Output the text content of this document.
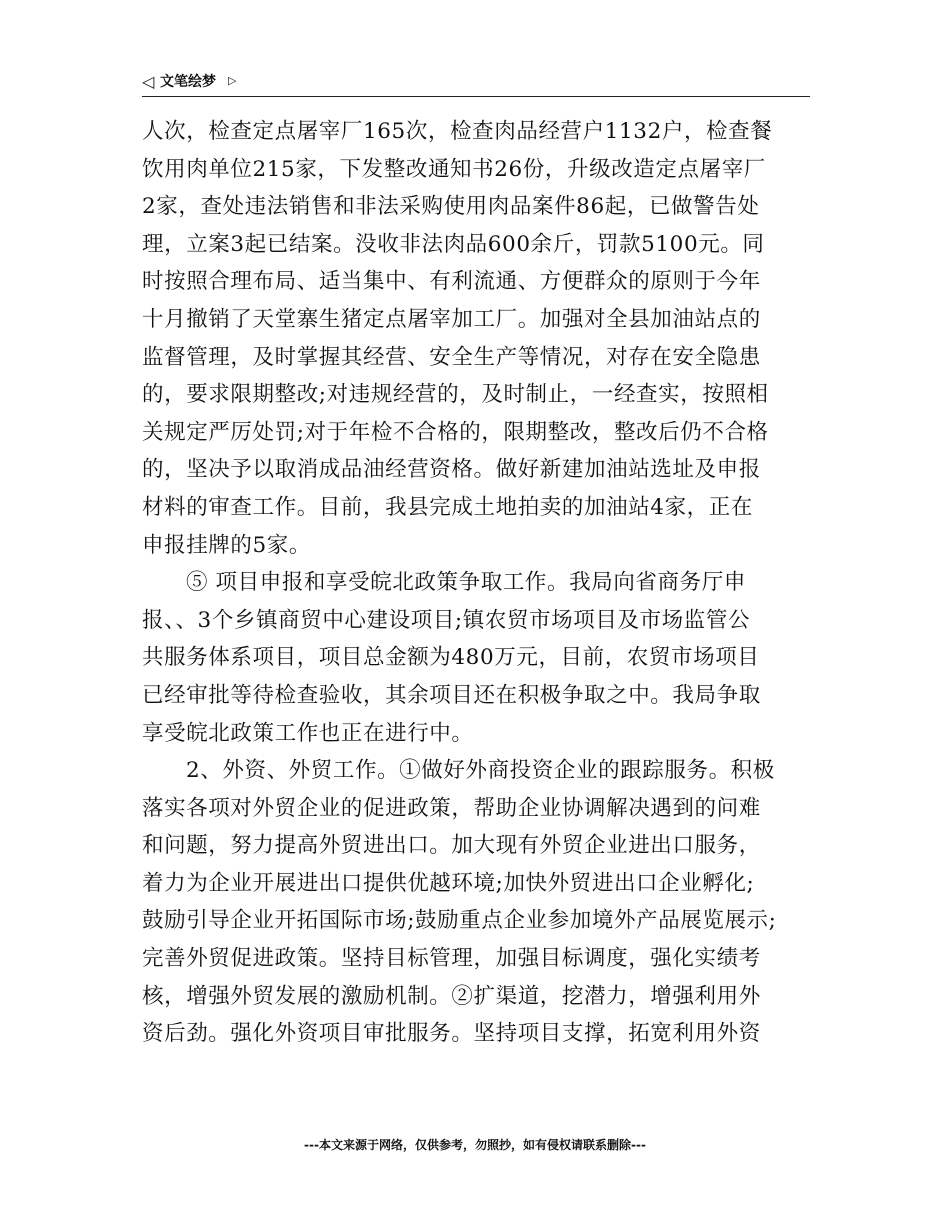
◁ 文笔绘梦 ▷

人次，检查定点屠宰厂165次，检查肉品经营户1132户，检查餐
饮用肉单位215家，下发整改通知书26份，升级改造定点屠宰厂
2家，查处违法销售和非法采购使用肉品案件86起，已做警告处
理，立案3起已结案。没收非法肉品600余斤，罚款5100元。同
时按照合理布局、适当集中、有利流通、方便群众的原则于今年
十月撤销了天堂寨生猪定点屠宰加工厂。加强对全县加油站点的
监督管理，及时掌握其经营、安全生产等情况，对存在安全隐患
的，要求限期整改;对违规经营的，及时制止，一经查实，按照相
关规定严厉处罚;对于年检不合格的，限期整改，整改后仍不合格
的，坚决予以取消成品油经营资格。做好新建加油站选址及申报
材料的审查工作。目前，我县完成土地拍卖的加油站4家，正在
申报挂牌的5家。

⑤ 项目申报和享受皖北政策争取工作。我局向省商务厅申
报、、3个乡镇商贸中心建设项目;镇农贸市场项目及市场监管公
共服务体系项目，项目总金额为480万元，目前，农贸市场项目
已经审批等待检查验收，其余项目还在积极争取之中。我局争取
享受皖北政策工作也正在进行中。

2、外资、外贸工作。①做好外商投资企业的跟踪服务。积极
落实各项对外贸企业的促进政策，帮助企业协调解决遇到的问难
和问题，努力提高外贸进出口。加大现有外贸企业进出口服务，
着力为企业开展进出口提供优越环境;加快外贸进出口企业孵化;
鼓励引导企业开拓国际市场;鼓励重点企业参加境外产品展览展示;
完善外贸促进政策。坚持目标管理，加强目标调度，强化实绩考
核，增强外贸发展的激励机制。②扩渠道，挖潜力，增强利用外
资后劲。强化外资项目审批服务。坚持项目支撑，拓宽利用外资

---本文来源于网络，仅供参考，勿照抄，如有侵权请联系删除---
